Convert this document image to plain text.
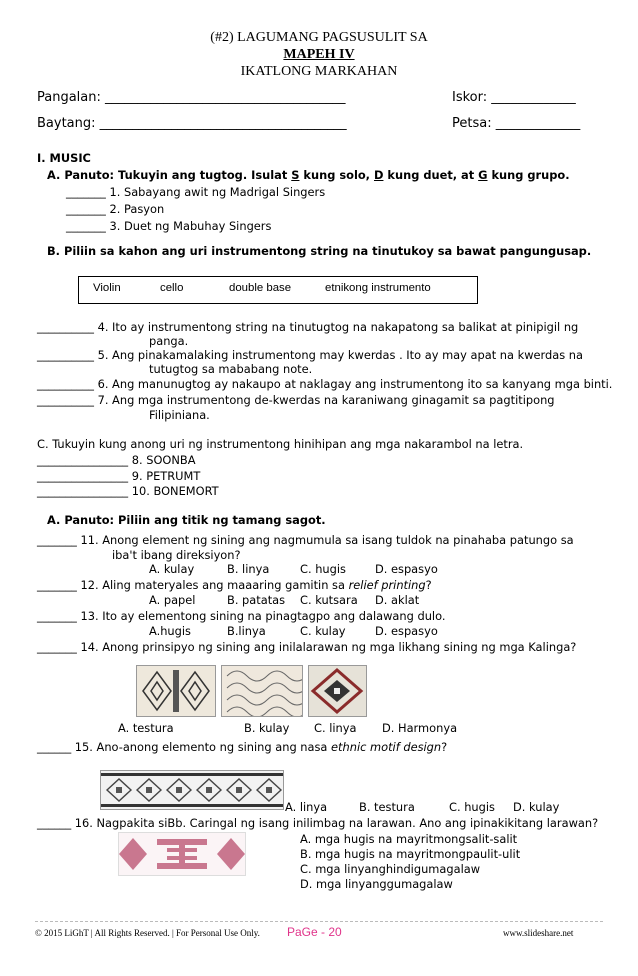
(#2) LAGUMANG PAGSUSULIT SA
MAPEH IV
IKATLONG MARKAHAN
Pangalan: _____________________________________	Iskor: _____________
Baytang: ______________________________________	Petsa: _____________
I. MUSIC
A. Panuto: Tukuyin ang tugtog. Isulat S kung solo, D kung duet, at G kung grupo.
_______ 1. Sabayang awit ng Madrigal Singers
_______ 2. Pasyon
_______ 3. Duet ng Mabuhay Singers
B. Piliin sa kahon ang uri instrumentong string na tinutukoy sa bawat pangungusap.
Violin	cello	double base	etnikong instrumento
__________ 4. Ito ay instrumentong string na tinutugtog na nakapatong sa balikat at pinipigil ng
panga.
__________ 5. Ang pinakamalaking instrumentong may kwerdas . Ito ay may apat na kwerdas na
tutugtog sa mababang note.
__________ 6. Ang manunugtog ay nakaupo at naklagay ang instrumentong ito sa kanyang mga binti.
__________ 7. Ang mga instrumentong de-kwerdas na karaniwang ginagamit sa pagtitipong
Filipiniana.
C. Tukuyin kung anong uri ng instrumentong hinihipan ang mga nakarambol na letra.
________________ 8. SOONBA
________________ 9. PETRUMT
________________ 10. BONEMORT
A. Panuto: Piliin ang titik ng tamang sagot.
_______ 11. Anong element ng sining ang nagmumula sa isang tuldok na pinahaba patungo sa
iba't ibang direksiyon?
A. kulay	B. linya	C. hugis	D. espasyo
_______ 12. Aling materyales ang maaaring gamitin sa relief printing?
A. papel	B. patatas C. kutsara D. aklat
_______ 13. Ito ay elementong sining na pinagtagpo ang dalawang dulo.
A.hugis	B.linya	C. kulay	D. espasyo
_______ 14. Anong prinsipyo ng sining ang inilalarawan ng mga likhang sining ng mga Kalinga?
A. testura	B. kulay C. linya D. Harmonya
______ 15. Ano-anong elemento ng sining ang nasa ethnic motif design?
A. linya	B. testura	C. hugis D. kulay
______ 16. Nagpakita siBb. Caringal ng isang inilimbag na larawan. Ano ang ipinakikitang larawan?
A. mga hugis na mayritmongsalit-salit
B. mga hugis na mayritmongpaulit-ulit
C. mga linyanghindigumagalaw
D. mga linyanggumagalaw
© 2015 LiGhT | All Rights Reserved. | For Personal Use Only. PaGe - 20	www.slideshare.net
